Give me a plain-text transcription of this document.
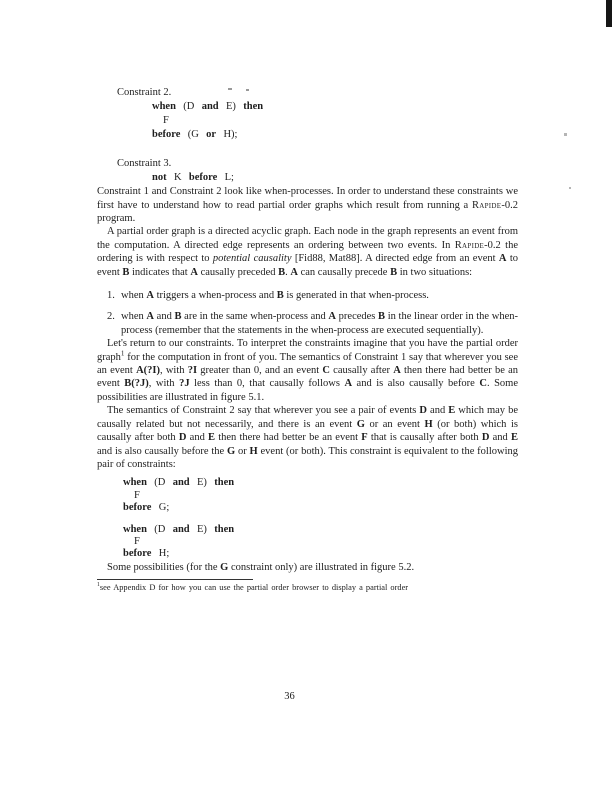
Constraint 2.
when (D and E) then
F
before (G or H);
Constraint 3.
not K before L;

Constraint 1 and Constraint 2 look like when-processes. In order to understand these constraints we first have to understand how to read partial order graphs which result from running a Rapide-0.2 program.

A partial order graph is a directed acyclic graph. Each node in the graph represents an event from the computation. A directed edge represents an ordering between two events. In Rapide-0.2 the ordering is with respect to potential causality [Fid88, Mat88]. A directed edge from an event A to event B indicates that A causally preceded B. A can causally precede B in two situations:

1. when A triggers a when-process and B is generated in that when-process.
2. when A and B are in the same when-process and A precedes B in the linear order in the when-process (remember that the statements in the when-process are executed sequentially).

Let's return to our constraints. To interpret the constraints imagine that you have the partial order graph$^1$ for the computation in front of you. The semantics of Constraint 1 say that wherever you see an event A(?I), with ?I greater than 0, and an event C causally after A then there had better be an event B(?J), with ?J less than 0, that causally follows A and is also causally before C. Some possibilities are illustrated in figure 5.1.

The semantics of Constraint 2 say that wherever you see a pair of events D and E which may be causally related but not necessarily, and there is an event G or an event H (or both) which is causally after both D and E then there had better be an event F that is causally after both D and E and is also causally before the G or H event (or both). This constraint is equivalent to the following pair of constraints:

when (D and E) then
F
before G;
when (D and E) then
F
before H;

Some possibilities (for the G constraint only) are illustrated in figure 5.2.

$^1$see Appendix D for how you can use the partial order browser to display a partial order
36
